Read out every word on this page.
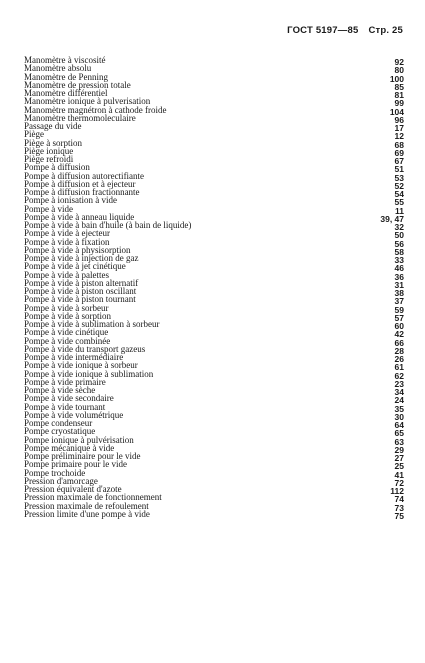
ГОСТ 5197—85 Стр. 25
Manomètre à viscosité	92
Manomètre absolu	80
Manomètre de Penning	100
Manomètre de pression totale	85
Manomètre différentiel	81
Manomètre ionique à pulverisation	99
Manomètre magnétron à cathode froide	104
Manomètre thermomoleculaire	96
Passage du vide	17
Piège	12
Piège à sorption	68
Piège ionique	69
Piège refroidi	67
Pompe à diffusion	51
Pompe à diffusion autorectifiante	53
Pompe à diffusion et à ejecteur	52
Pompe à diffusion fractionnante	54
Pompe à ionisation à vide	55
Pompe à vide	11
Pompe à vide à anneau liquide	39, 47
Pompe à vide à bain d'huile (à bain de liquide)	32
Pompe à vide à ejecteur	50
Pompe à vide à fixation	56
Pompe à vide à physisorption	58
Pompe à vide à injection de gaz	33
Pompe à vide à jet cinétique	46
Pompe à vide à palettes	36
Pompe à vide à piston alternatif	31
Pompe à vide à piston oscillant	38
Pompe à vide à piston tournant	37
Pompe à vide à sorbeur	59
Pompe à vide à sorption	57
Pompe à vide à sublimation à sorbeur	60
Pompe à vide cinétique	42
Pompe à vide combinée	66
Pompe à vide du transport gazeus	28
Pompe à vide intermédiaire	26
Pompe à vide ionique à sorbeur	61
Pompe à vide ionique à sublimation	62
Pompe à vide primaire	23
Pompe à vide sèche	34
Pompe à vide secondaire	24
Pompe à vide tournant	35
Pompe à vide volumétrique	30
Pompe condenseur	64
Pompe cryostatique	65
Pompe ionique à pulvérisation	63
Pompe mécanique à vide	29
Pompe préliminaire pour le vide	27
Pompe primaire pour le vide	25
Pompe trochoide	41
Pression d'amorcage	72
Pression équivalent d'azote	112
Pression maximale de fonctionnement	74
Pression maximale de refoulement	73
Pression limite d'une pompe à vide	75
